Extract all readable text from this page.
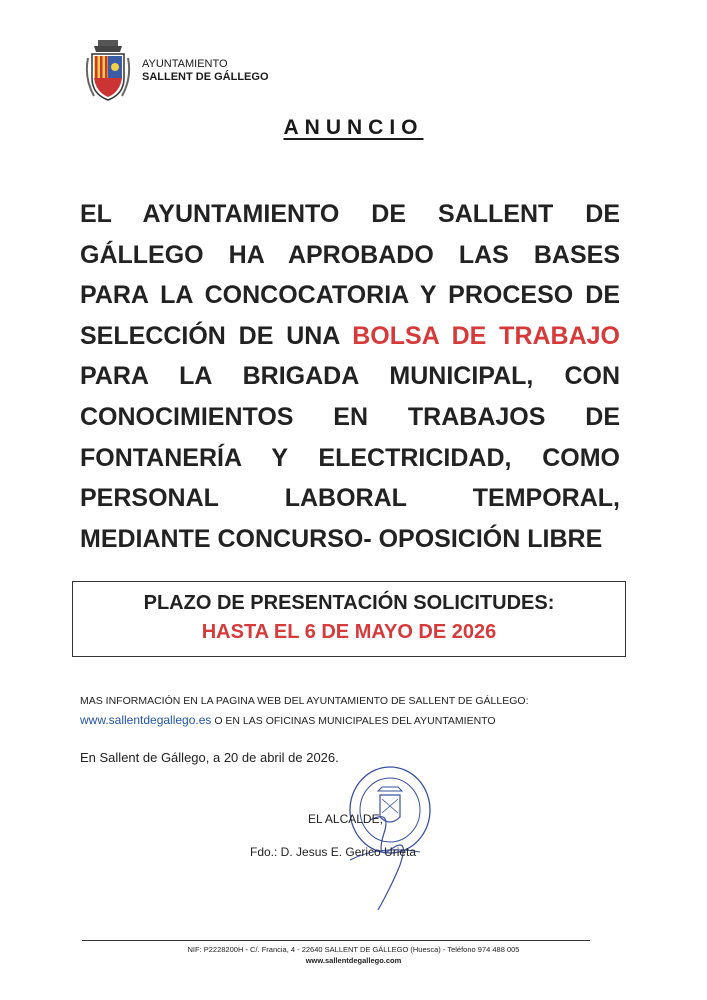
AYUNTAMIENTO
SALLENT DE GÁLLEGO
ANUNCIO
EL AYUNTAMIENTO DE SALLENT DE GÁLLEGO HA APROBADO LAS BASES PARA LA CONCOCATORIA Y PROCESO DE SELECCIÓN DE UNA BOLSA DE TRABAJO PARA LA BRIGADA MUNICIPAL, CON CONOCIMIENTOS EN TRABAJOS DE FONTANERÍA Y ELECTRICIDAD, COMO PERSONAL LABORAL TEMPORAL, MEDIANTE CONCURSO- OPOSICIÓN LIBRE
PLAZO DE PRESENTACIÓN SOLICITUDES:
HASTA EL 6 DE MAYO DE 2026
MAS INFORMACIÓN EN LA PAGINA WEB DEL AYUNTAMIENTO DE SALLENT DE GÁLLEGO:
www.sallentdegallego.es O EN LAS OFICINAS MUNICIPALES DEL AYUNTAMIENTO
En Sallent de Gállego, a 20 de abril de 2026.
EL ALCALDE,
Fdo.: D. Jesus E. Gerico Urieta
NIF: P2228200H - C/. Francia, 4 - 22640 SALLENT DE GÁLLEGO (Huesca) - Teléfono 974 488 005
www.sallentdegallego.com
